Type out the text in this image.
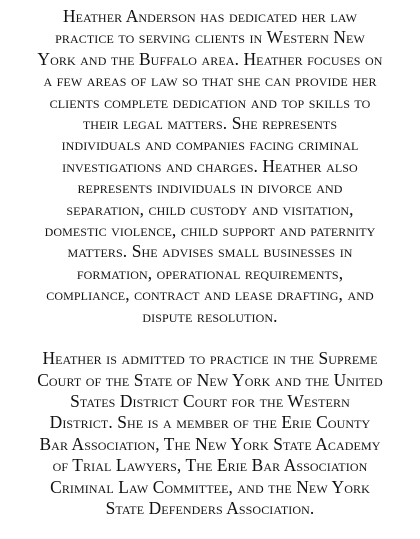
Heather Anderson has dedicated her law
practice to serving clients in Western New
York and the Buffalo area. Heather focuses on
a few areas of law so that she can provide her
clients complete dedication and top skills to
their legal matters. She represents
individuals and companies facing criminal
investigations and charges. Heather also
represents individuals in divorce and
separation, child custody and visitation,
domestic violence, child support and paternity
matters. She advises small businesses in
formation, operational requirements,
compliance, contract and lease drafting, and
dispute resolution.

Heather is admitted to practice in the Supreme
Court of the State of New York and the United
States District Court for the Western
District. She is a member of the Erie County
Bar Association, The New York State Academy
of Trial Lawyers, The Erie Bar Association
Criminal Law Committee, and the New York
State Defenders Association.
